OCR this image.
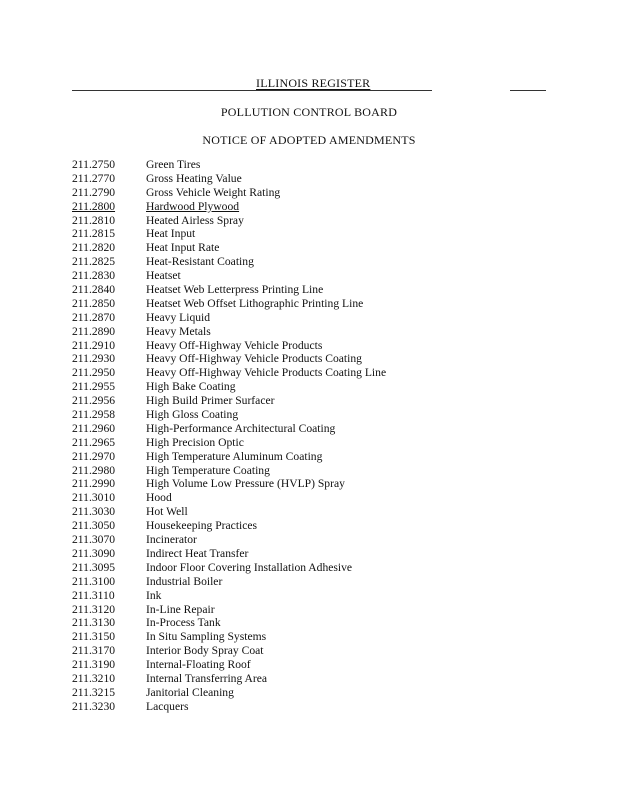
ILLINOIS REGISTER
POLLUTION CONTROL BOARD
NOTICE OF ADOPTED AMENDMENTS
211.2750	Green Tires
211.2770	Gross Heating Value
211.2790	Gross Vehicle Weight Rating
211.2800	Hardwood Plywood
211.2810	Heated Airless Spray
211.2815	Heat Input
211.2820	Heat Input Rate
211.2825	Heat-Resistant Coating
211.2830	Heatset
211.2840	Heatset Web Letterpress Printing Line
211.2850	Heatset Web Offset Lithographic Printing Line
211.2870	Heavy Liquid
211.2890	Heavy Metals
211.2910	Heavy Off-Highway Vehicle Products
211.2930	Heavy Off-Highway Vehicle Products Coating
211.2950	Heavy Off-Highway Vehicle Products Coating Line
211.2955	High Bake Coating
211.2956	High Build Primer Surfacer
211.2958	High Gloss Coating
211.2960	High-Performance Architectural Coating
211.2965	High Precision Optic
211.2970	High Temperature Aluminum Coating
211.2980	High Temperature Coating
211.2990	High Volume Low Pressure (HVLP) Spray
211.3010	Hood
211.3030	Hot Well
211.3050	Housekeeping Practices
211.3070	Incinerator
211.3090	Indirect Heat Transfer
211.3095	Indoor Floor Covering Installation Adhesive
211.3100	Industrial Boiler
211.3110	Ink
211.3120	In-Line Repair
211.3130	In-Process Tank
211.3150	In Situ Sampling Systems
211.3170	Interior Body Spray Coat
211.3190	Internal-Floating Roof
211.3210	Internal Transferring Area
211.3215	Janitorial Cleaning
211.3230	Lacquers
